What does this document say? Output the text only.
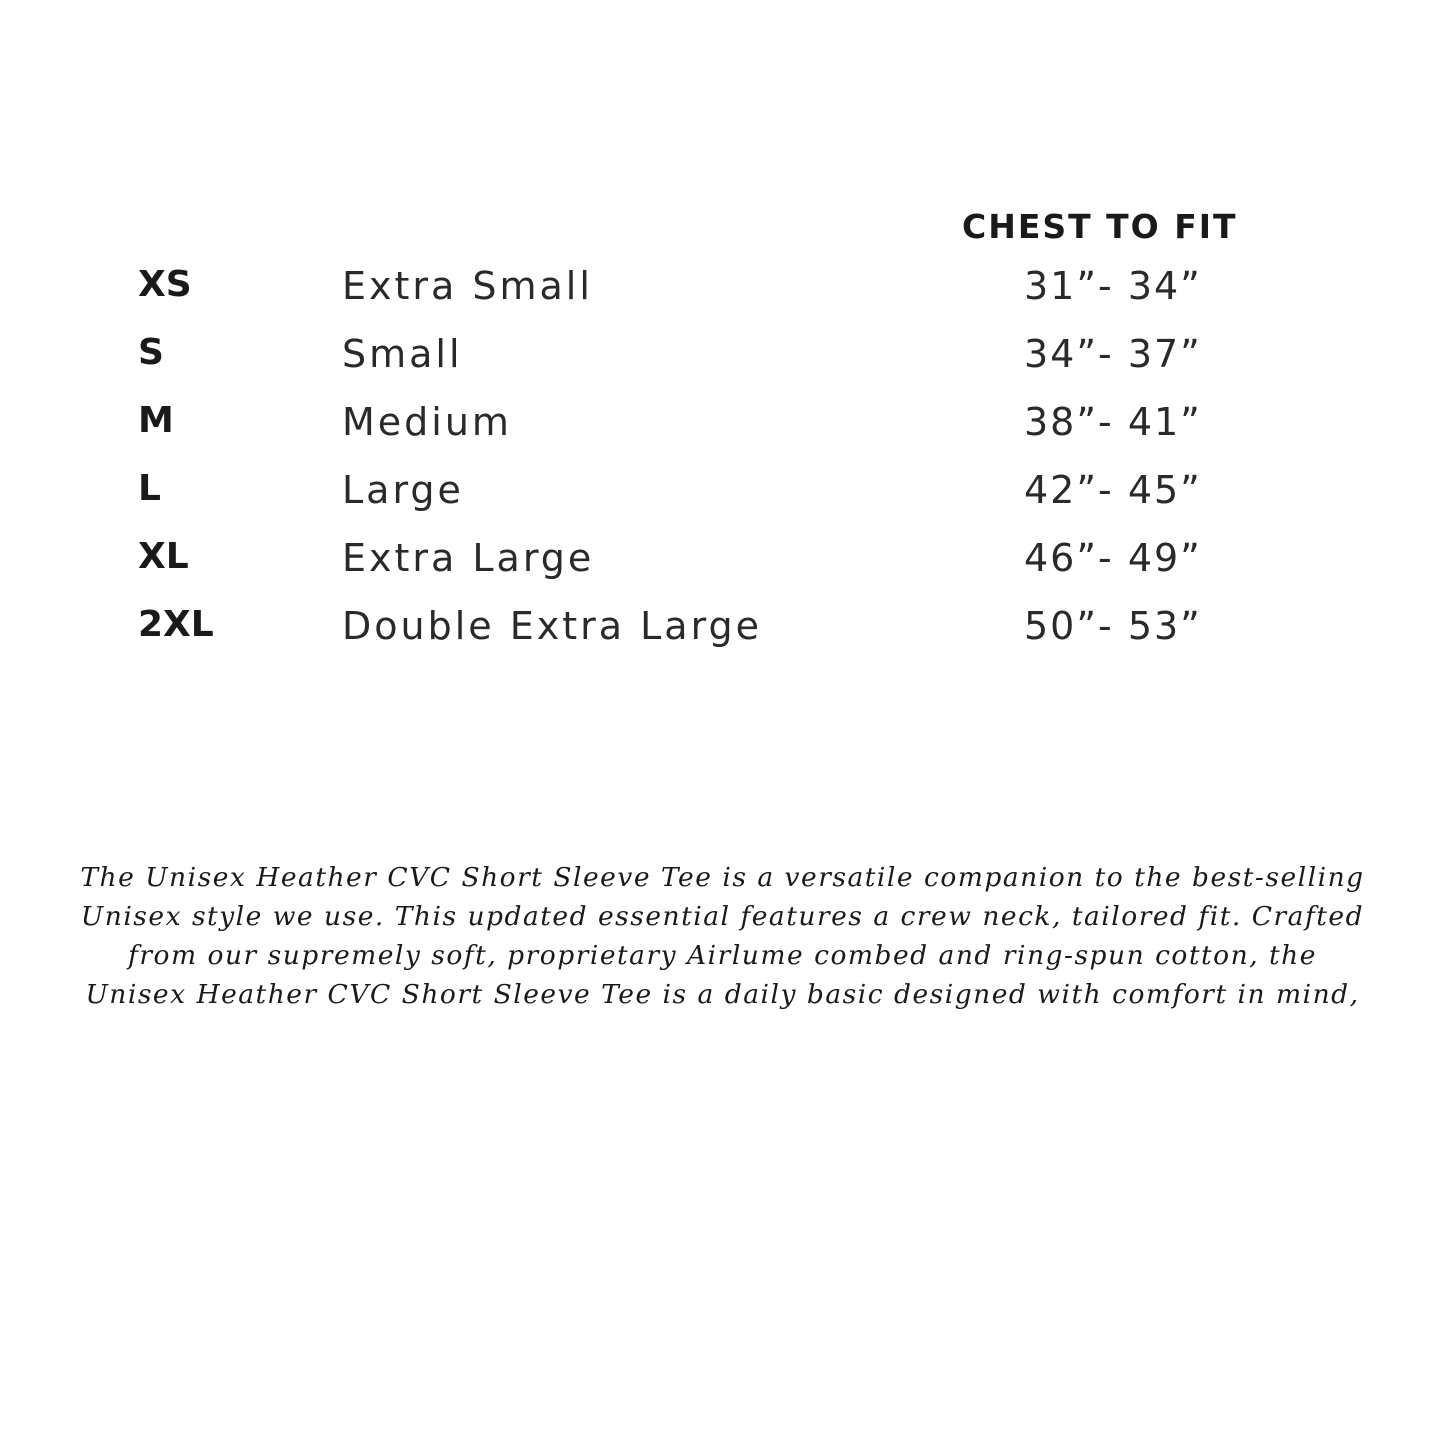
CHEST TO FIT
XS	Extra Small	31”- 34”
S	Small	34”- 37”
M	Medium	38”- 41”
L	Large	42”- 45”
XL	Extra Large	46”- 49”
2XL	Double Extra Large	50”- 53”

The Unisex Heather CVC Short Sleeve Tee is a versatile companion to the best-selling Unisex style we use. This updated essential features a crew neck, tailored fit. Crafted from our supremely soft, proprietary Airlume combed and ring-spun cotton, the Unisex Heather CVC Short Sleeve Tee is a daily basic designed with comfort in mind,
